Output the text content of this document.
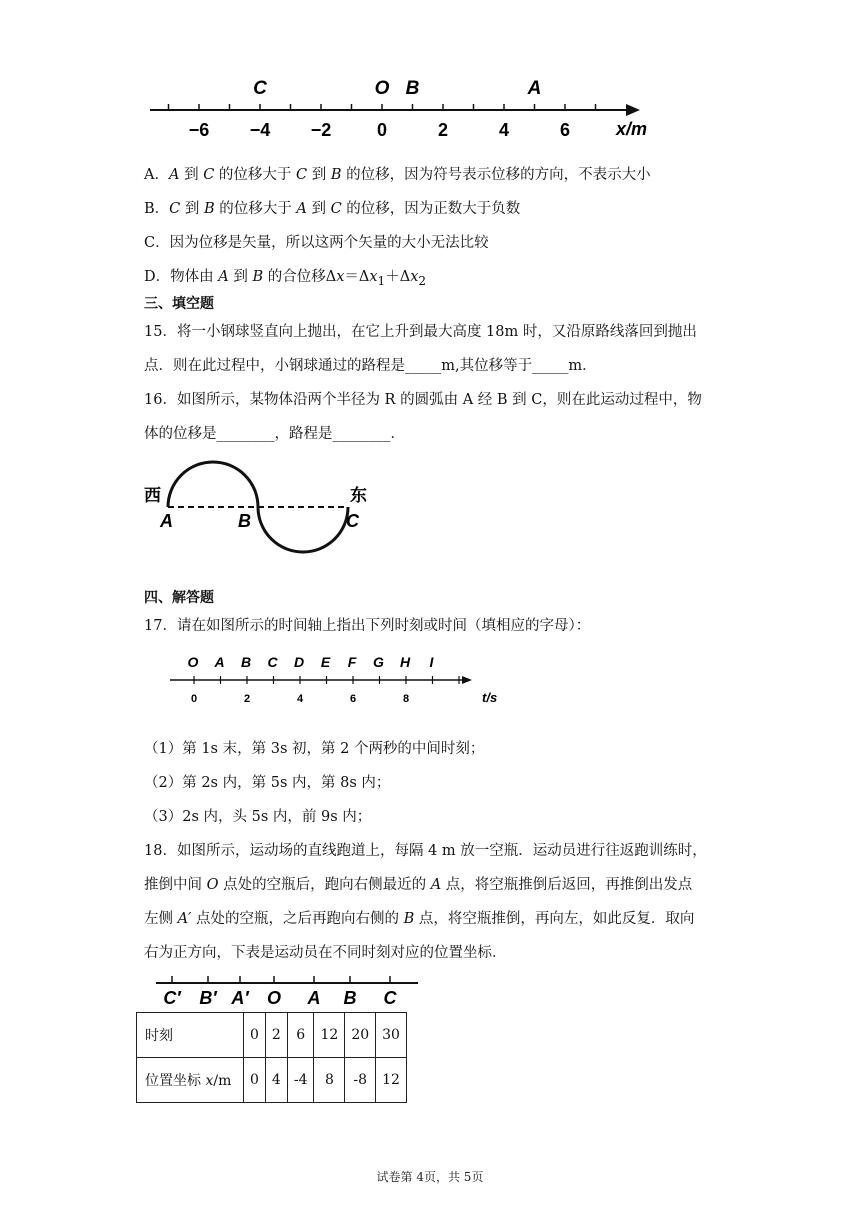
−6 −4 −2	0	2	4	6
C	O B	A
x/m
A．A 到 C 的位移大于 C 到 B 的位移，因为符号表示位移的方向，不表示大小
B．C 到 B 的位移大于 A 到 C 的位移，因为正数大于负数
C．因为位移是矢量，所以这两个矢量的大小无法比较
D．物体由 A 到 B 的合位移$\Delta x=\Delta x_1+\Delta x_2$
三、填空题
15．将一小钢球竖直向上抛出，在它上升到最大高度 18m 时，又沿原路线落回到抛出
点．则在此过程中，小钢球通过的路程是_____m,其位移等于_____m．
16．如图所示，某物体沿两个半径为 R 的圆弧由 A 经 B 到 C，则在此运动过程中，物
体的位移是________，路程是________．
西	东
A	B	C
四、解答题
17．请在如图所示的时间轴上指出下列时刻或时间（填相应的字母）：
O A B C D E F G H I
0	2	4	6	8	t/s
（1）第 1s 末，第 3s 初，第 2 个两秒的中间时刻；
（2）第 2s 内，第 5s 内，第 8s 内；
（3）2s 内，头 5s 内，前 9s 内；
18．如图所示，运动场的直线跑道上，每隔 4 m 放一空瓶．运动员进行往返跑训练时，
推倒中间 O 点处的空瓶后，跑向右侧最近的 A 点，将空瓶推倒后返回，再推倒出发点
左侧 A′ 点处的空瓶，之后再跑向右侧的 B 点，将空瓶推倒，再向左，如此反复．取向
右为正方向，下表是运动员在不同时刻对应的位置坐标．
C′ B′ A′ O A B C
时刻	0	2	6	12	20	30
位置坐标 x/m	0	4	-4	8	-8	12
试卷第 4页，共 5页
